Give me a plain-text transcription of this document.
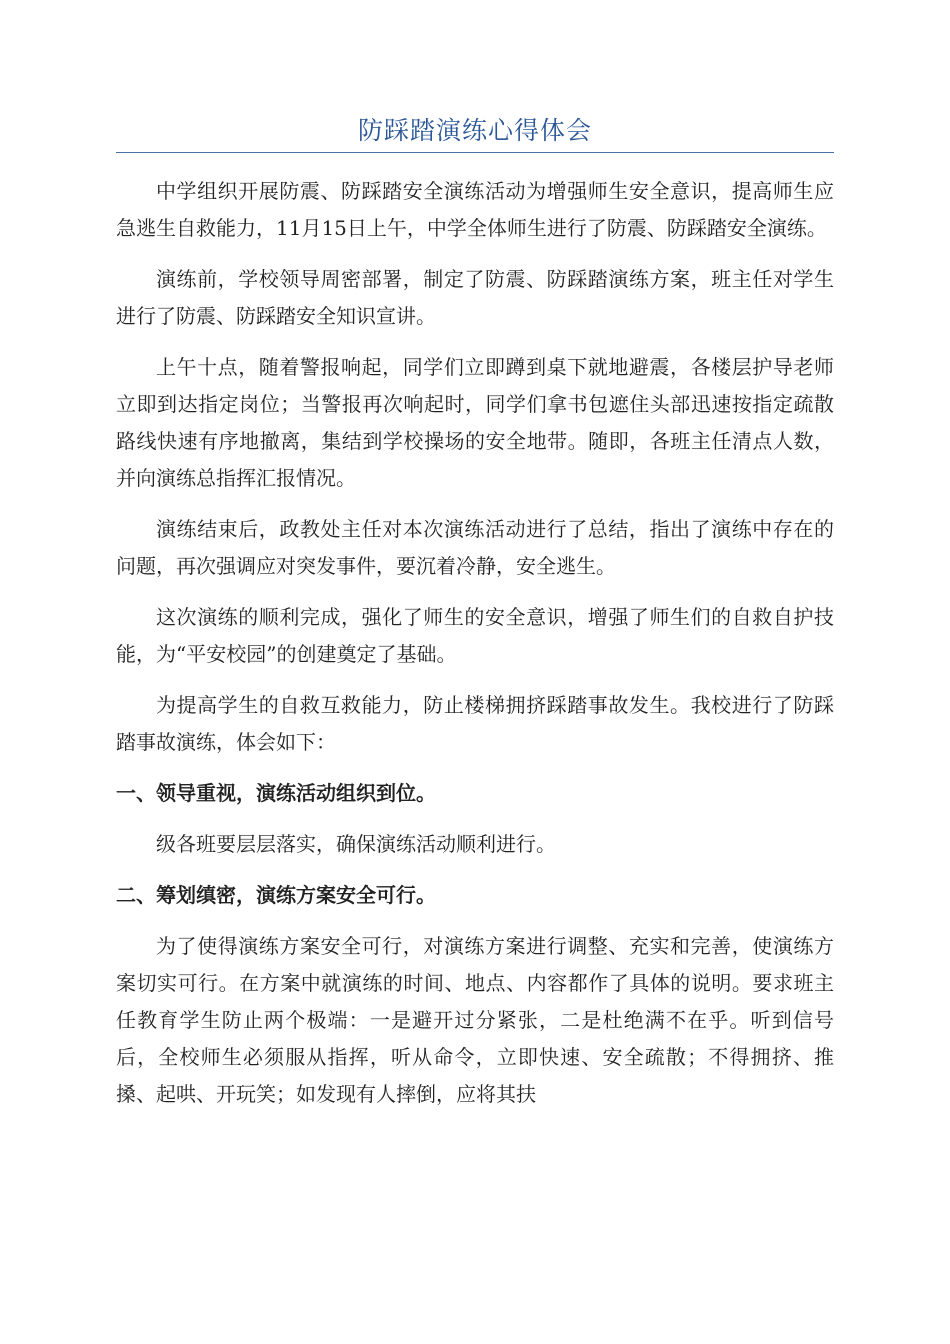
防踩踏演练心得体会

中学组织开展防震、防踩踏安全演练活动为增强师生安全意识，提高师生应急逃生自救能力，11月15日上午，中学全体师生进行了防震、防踩踏安全演练。

演练前，学校领导周密部署，制定了防震、防踩踏演练方案，班主任对学生进行了防震、防踩踏安全知识宣讲。

上午十点，随着警报响起，同学们立即蹲到桌下就地避震，各楼层护导老师立即到达指定岗位；当警报再次响起时，同学们拿书包遮住头部迅速按指定疏散路线快速有序地撤离，集结到学校操场的安全地带。随即，各班主任清点人数，并向演练总指挥汇报情况。

演练结束后，政教处主任对本次演练活动进行了总结，指出了演练中存在的问题，再次强调应对突发事件，要沉着冷静，安全逃生。

这次演练的顺利完成，强化了师生的安全意识，增强了师生们的自救自护技能，为“平安校园”的创建奠定了基础。

为提高学生的自救互救能力，防止楼梯拥挤踩踏事故发生。我校进行了防踩踏事故演练，体会如下：

一、领导重视，演练活动组织到位。

级各班要层层落实，确保演练活动顺利进行。

二、筹划缜密，演练方案安全可行。

为了使得演练方案安全可行，对演练方案进行调整、充实和完善，使演练方案切实可行。在方案中就演练的时间、地点、内容都作了具体的说明。要求班主任教育学生防止两个极端：一是避开过分紧张，二是杜绝满不在乎。听到信号后，全校师生必须服从指挥，听从命令，立即快速、安全疏散；不得拥挤、推搡、起哄、开玩笑；如发现有人摔倒，应将其扶
